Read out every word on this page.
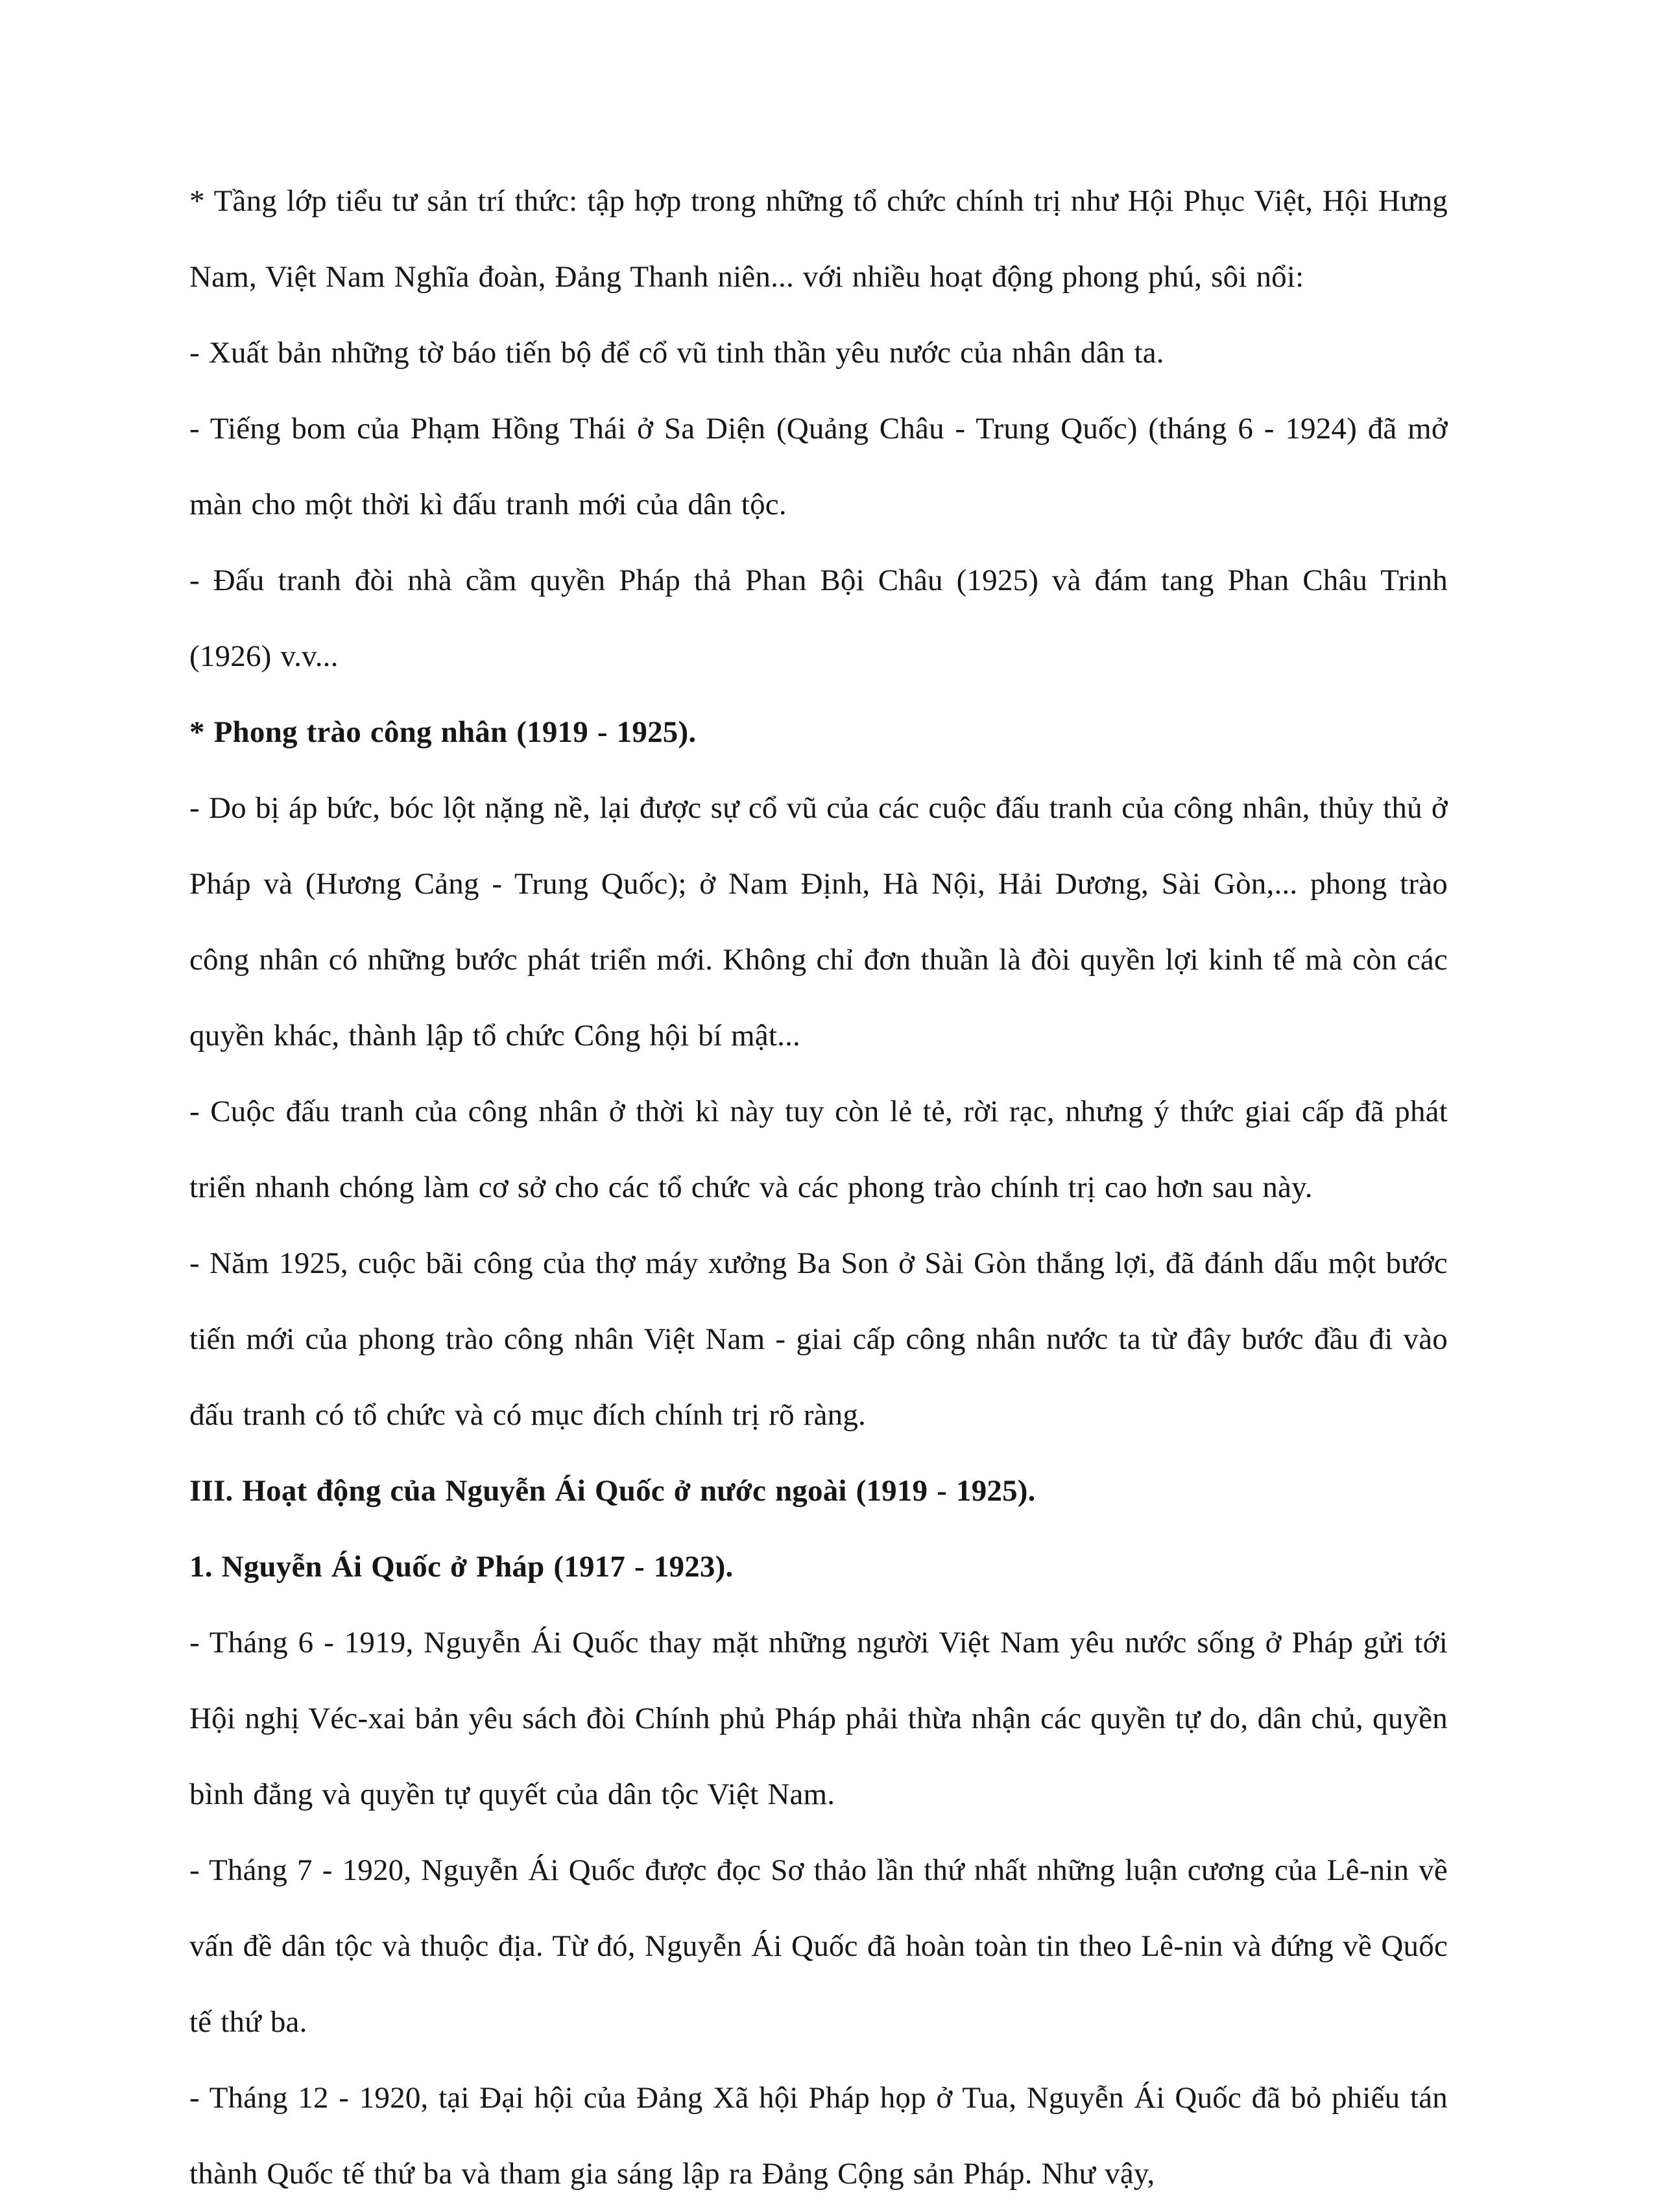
* Tầng lớp tiểu tư sản trí thức: tập hợp trong những tổ chức chính trị như Hội Phục Việt, Hội Hưng Nam, Việt Nam Nghĩa đoàn, Đảng Thanh niên... với nhiều hoạt động phong phú, sôi nổi:

- Xuất bản những tờ báo tiến bộ để cổ vũ tinh thần yêu nước của nhân dân ta.

- Tiếng bom của Phạm Hồng Thái ở Sa Diện (Quảng Châu - Trung Quốc) (tháng 6 - 1924) đã mở màn cho một thời kì đấu tranh mới của dân tộc.

- Đấu tranh đòi nhà cầm quyền Pháp thả Phan Bội Châu (1925) và đám tang Phan Châu Trinh (1926) v.v...

* Phong trào công nhân (1919 - 1925).

- Do bị áp bức, bóc lột nặng nề, lại được sự cổ vũ của các cuộc đấu tranh của công nhân, thủy thủ ở Pháp và (Hương Cảng - Trung Quốc); ở Nam Định, Hà Nội, Hải Dương, Sài Gòn,... phong trào công nhân có những bước phát triển mới. Không chỉ đơn thuần là đòi quyền lợi kinh tế mà còn các quyền khác, thành lập tổ chức Công hội bí mật...

- Cuộc đấu tranh của công nhân ở thời kì này tuy còn lẻ tẻ, rời rạc, nhưng ý thức giai cấp đã phát triển nhanh chóng làm cơ sở cho các tổ chức và các phong trào chính trị cao hơn sau này.

- Năm 1925, cuộc bãi công của thợ máy xưởng Ba Son ở Sài Gòn thắng lợi, đã đánh dấu một bước tiến mới của phong trào công nhân Việt Nam - giai cấp công nhân nước ta từ đây bước đầu đi vào đấu tranh có tổ chức và có mục đích chính trị rõ ràng.

III. Hoạt động của Nguyễn Ái Quốc ở nước ngoài (1919 - 1925).

1. Nguyễn Ái Quốc ở Pháp (1917 - 1923).

- Tháng 6 - 1919, Nguyễn Ái Quốc thay mặt những người Việt Nam yêu nước sống ở Pháp gửi tới Hội nghị Véc-xai bản yêu sách đòi Chính phủ Pháp phải thừa nhận các quyền tự do, dân chủ, quyền bình đẳng và quyền tự quyết của dân tộc Việt Nam.

- Tháng 7 - 1920, Nguyễn Ái Quốc được đọc Sơ thảo lần thứ nhất những luận cương của Lê-nin về vấn đề dân tộc và thuộc địa. Từ đó, Nguyễn Ái Quốc đã hoàn toàn tin theo Lê-nin và đứng về Quốc tế thứ ba.

- Tháng 12 - 1920, tại Đại hội của Đảng Xã hội Pháp họp ở Tua, Nguyễn Ái Quốc đã bỏ phiếu tán thành Quốc tế thứ ba và tham gia sáng lập ra Đảng Cộng sản Pháp. Như vậy,
